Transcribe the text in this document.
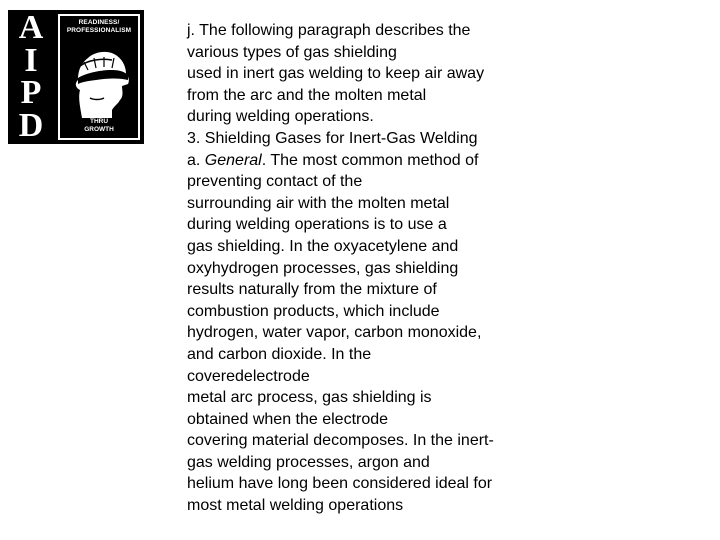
A
I
P
D
READINESS/
PROFESSIONALISM
THRU
GROWTH
j. The following paragraph describes the
various types of gas shielding
used in inert gas welding to keep air away
from the arc and the molten metal
during welding operations.
3. Shielding Gases for Inert-Gas Welding
a. General. The most common method of
preventing contact of the
surrounding air with the molten metal
during welding operations is to use a
gas shielding. In the oxyacetylene and
oxyhydrogen processes, gas shielding
results naturally from the mixture of
combustion products, which include
hydrogen, water vapor, carbon monoxide,
and carbon dioxide. In the
coveredelectrode
metal arc process, gas shielding is
obtained when the electrode
covering material decomposes. In the inert-
gas welding processes, argon and
helium have long been considered ideal for
most metal welding operations
